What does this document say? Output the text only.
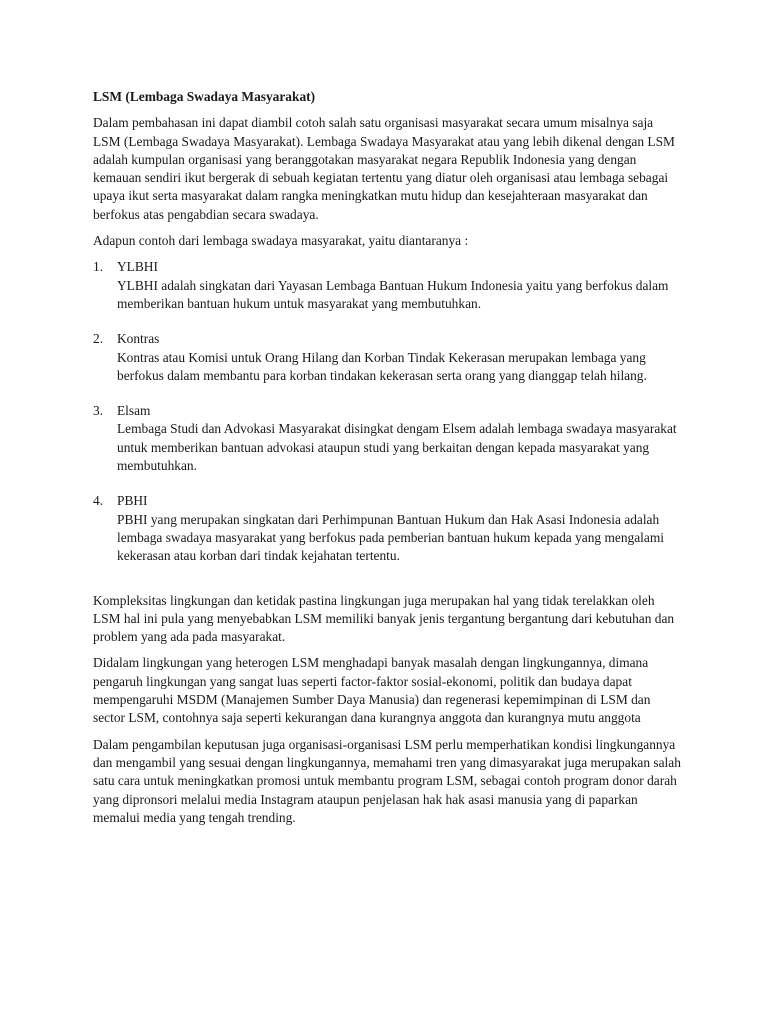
LSM (Lembaga Swadaya Masyarakat)

Dalam pembahasan ini dapat diambil cotoh salah satu organisasi masyarakat secara umum misalnya saja LSM (Lembaga Swadaya Masyarakat). Lembaga Swadaya Masyarakat atau yang lebih dikenal dengan LSM adalah kumpulan organisasi yang beranggotakan masyarakat negara Republik Indonesia yang dengan kemauan sendiri ikut bergerak di sebuah kegiatan tertentu yang diatur oleh organisasi atau lembaga sebagai upaya ikut serta masyarakat dalam rangka meningkatkan mutu hidup dan kesejahteraan masyarakat dan berfokus atas pengabdian secara swadaya.

Adapun contoh dari lembaga swadaya masyarakat, yaitu diantaranya :

1.	YLBHI
YLBHI adalah singkatan dari Yayasan Lembaga Bantuan Hukum Indonesia yaitu yang berfokus dalam memberikan bantuan hukum untuk masyarakat yang membutuhkan.
2.	Kontras
Kontras atau Komisi untuk Orang Hilang dan Korban Tindak Kekerasan merupakan lembaga yang berfokus dalam membantu para korban tindakan kekerasan serta orang yang dianggap telah hilang.
3.	Elsam
Lembaga Studi dan Advokasi Masyarakat disingkat dengam Elsem adalah lembaga swadaya masyarakat untuk memberikan bantuan advokasi ataupun studi yang berkaitan dengan kepada masyarakat yang membutuhkan.
4.	PBHI
PBHI yang merupakan singkatan dari Perhimpunan Bantuan Hukum dan Hak Asasi Indonesia adalah lembaga swadaya masyarakat yang berfokus pada pemberian bantuan hukum kepada yang mengalami kekerasan atau korban dari tindak kejahatan tertentu.

Kompleksitas lingkungan dan ketidak pastina lingkungan juga merupakan hal yang tidak terelakkan oleh LSM hal ini pula yang menyebabkan LSM memiliki banyak jenis tergantung bergantung dari kebutuhan dan problem yang ada pada masyarakat.

Didalam lingkungan yang heterogen LSM menghadapi banyak masalah dengan lingkungannya, dimana pengaruh lingkungan yang sangat luas seperti factor-faktor sosial-ekonomi, politik dan budaya dapat mempengaruhi MSDM (Manajemen Sumber Daya Manusia) dan regenerasi kepemimpinan di LSM dan sector LSM, contohnya saja seperti kekurangan dana kurangnya anggota dan kurangnya mutu anggota

Dalam pengambilan keputusan juga organisasi-organisasi LSM perlu memperhatikan kondisi lingkungannya dan mengambil yang sesuai dengan lingkungannya, memahami tren yang dimasyarakat juga merupakan salah satu cara untuk meningkatkan promosi untuk membantu program LSM, sebagai contoh program donor darah yang dipronsori melalui media Instagram ataupun penjelasan hak hak asasi manusia yang di paparkan memalui media yang tengah trending.
